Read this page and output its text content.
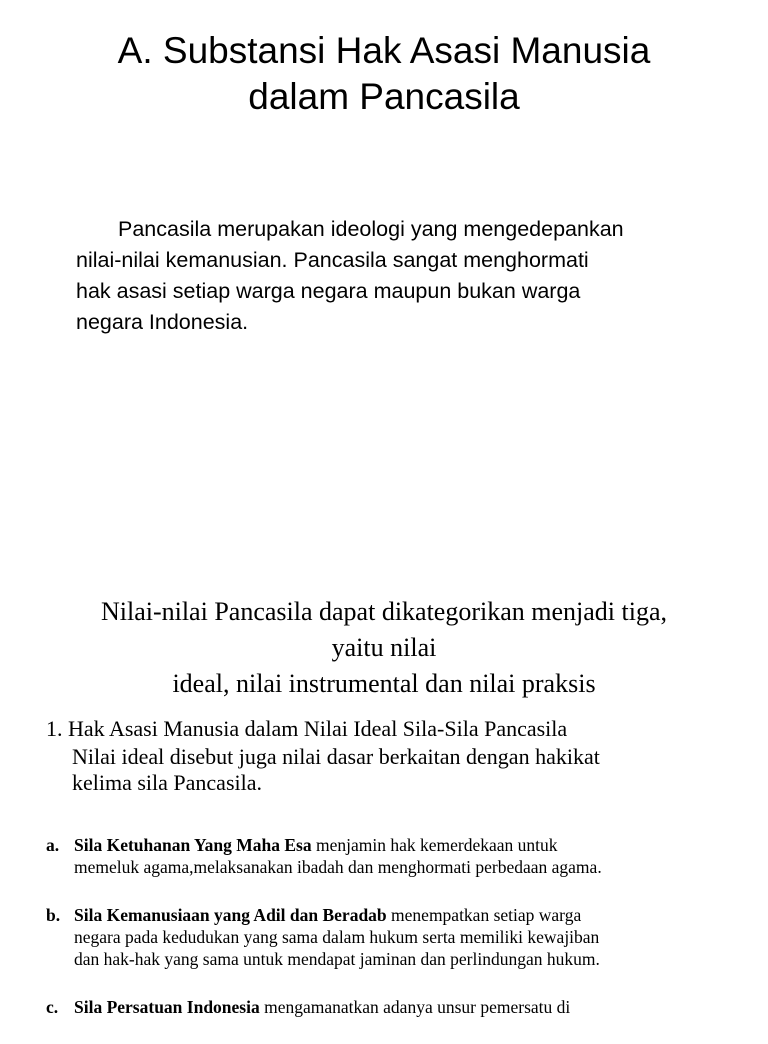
A. Substansi Hak Asasi Manusia
dalam Pancasila

Pancasila merupakan ideologi yang mengedepankan
nilai-nilai kemanusian. Pancasila sangat menghormati
hak asasi setiap warga negara maupun bukan warga
negara Indonesia.

Nilai-nilai Pancasila dapat dikategorikan menjadi tiga,
yaitu nilai
ideal, nilai instrumental dan nilai praksis

1. Hak Asasi Manusia dalam Nilai Ideal Sila-Sila Pancasila

Nilai ideal disebut juga nilai dasar berkaitan dengan hakikat
kelima sila Pancasila.

a. Sila Ketuhanan Yang Maha Esa menjamin hak kemerdekaan untuk
memeluk agama,melaksanakan ibadah dan menghormati perbedaan agama.
b. Sila Kemanusiaan yang Adil dan Beradab menempatkan setiap warga
negara pada kedudukan yang sama dalam hukum serta memiliki kewajiban
dan hak-hak yang sama untuk mendapat jaminan dan perlindungan hukum.
c. Sila Persatuan Indonesia mengamanatkan adanya unsur pemersatu di
